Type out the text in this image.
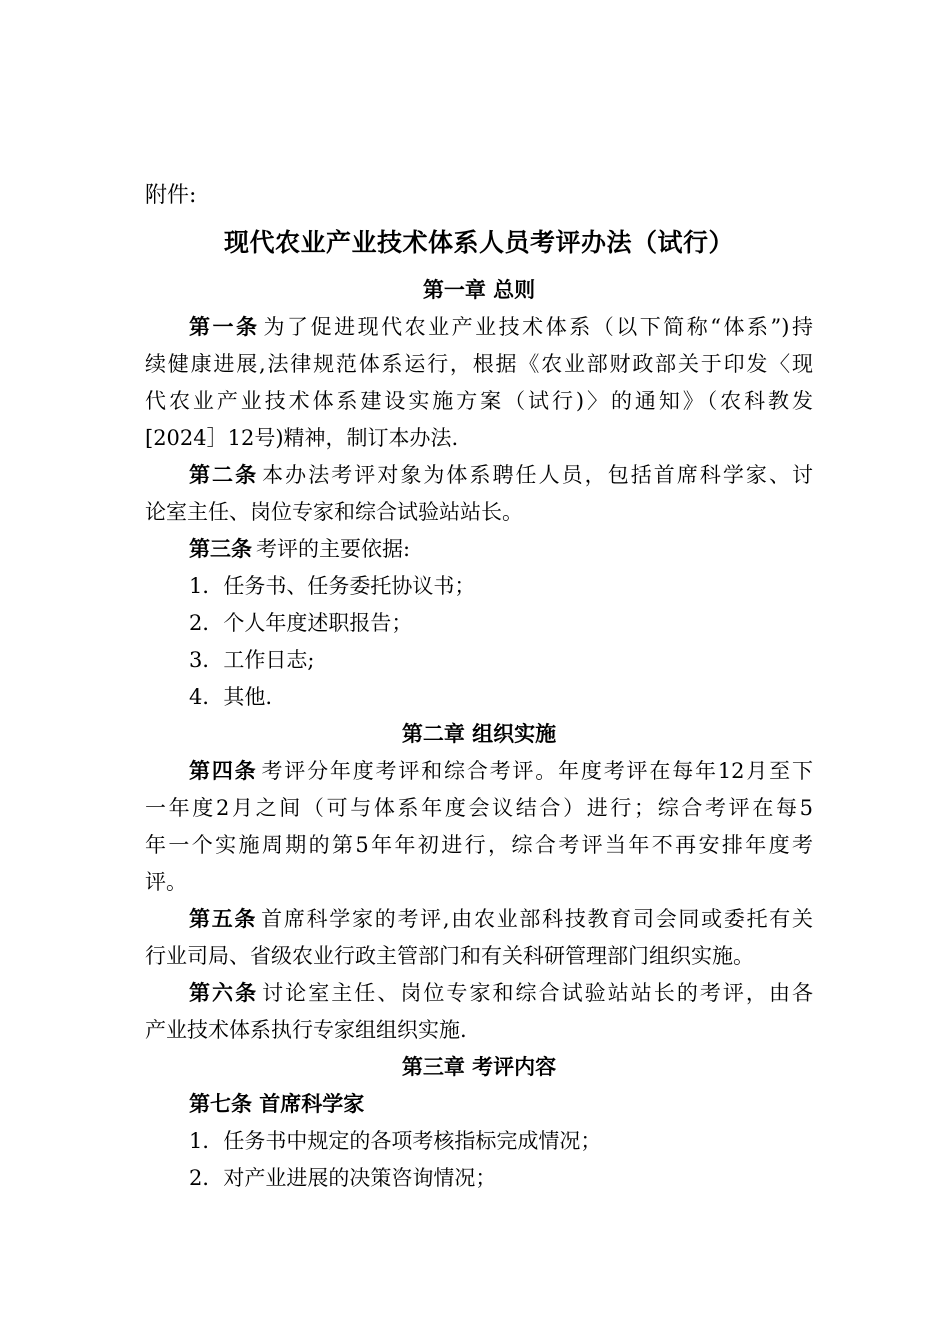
附件:
现代农业产业技术体系人员考评办法（试行）
第一章 总则
第一条 为了促进现代农业产业技术体系（以下简称“体系”)持
续健康进展,法律规范体系运行，根据《农业部财政部关于印发〈现
代农业产业技术体系建设实施方案（试行)〉的通知》（农科教发
[2024］12号)精神，制订本办法.
第二条 本办法考评对象为体系聘任人员，包括首席科学家、讨
论室主任、岗位专家和综合试验站站长。
第三条 考评的主要依据:
1．任务书、任务委托协议书；
2．个人年度述职报告；
3．工作日志;
4．其他.
第二章 组织实施
第四条 考评分年度考评和综合考评。年度考评在每年12月至下
一年度2月之间（可与体系年度会议结合）进行；综合考评在每5
年一个实施周期的第5年年初进行，综合考评当年不再安排年度考
评。
第五条 首席科学家的考评,由农业部科技教育司会同或委托有关
行业司局、省级农业行政主管部门和有关科研管理部门组织实施。
第六条 讨论室主任、岗位专家和综合试验站站长的考评，由各
产业技术体系执行专家组组织实施.
第三章 考评内容
第七条 首席科学家
1．任务书中规定的各项考核指标完成情况；
2．对产业进展的决策咨询情况；
